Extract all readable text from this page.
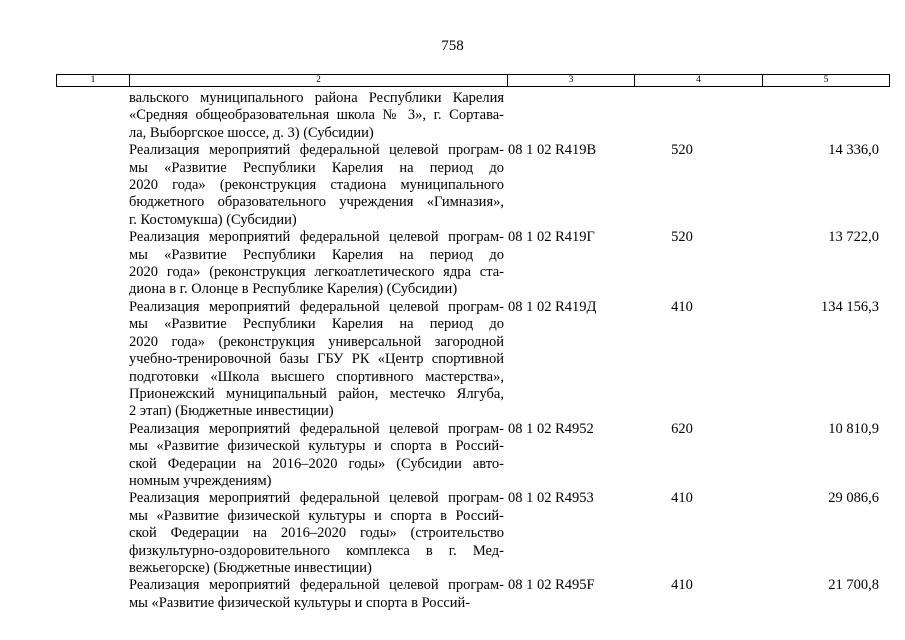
758
1	2	3	4	5
вальского муниципального района Республики Карелия
«Средняя общеобразовательная школа № 3», г. Сортава-
ла, Выборгское шоссе, д. 3) (Субсидии)
Реализация мероприятий федеральной целевой програм-
мы «Развитие Республики Карелия на период до
2020 года» (реконструкция стадиона муниципального
бюджетного образовательного учреждения «Гимназия»,
г. Костомукша) (Субсидии)
08 1 02 R419В	520	14 336,0
Реализация мероприятий федеральной целевой програм-
мы «Развитие Республики Карелия на период до
2020 года» (реконструкция легкоатлетического ядра ста-
диона в г. Олонце в Республике Карелия) (Субсидии)
08 1 02 R419Г	520	13 722,0
Реализация мероприятий федеральной целевой програм-
мы «Развитие Республики Карелия на период до
2020 года» (реконструкция универсальной загородной
учебно-тренировочной базы ГБУ РК «Центр спортивной
подготовки «Школа высшего спортивного мастерства»,
Прионежский муниципальный район, местечко Ялгуба,
2 этап) (Бюджетные инвестиции)
08 1 02 R419Д	410	134 156,3
Реализация мероприятий федеральной целевой програм-
мы «Развитие физической культуры и спорта в Россий-
ской Федерации на 2016–2020 годы» (Субсидии авто-
номным учреждениям)
08 1 02 R4952	620	10 810,9
Реализация мероприятий федеральной целевой програм-
мы «Развитие физической культуры и спорта в Россий-
ской Федерации на 2016–2020 годы» (строительство
физкультурно-оздоровительного комплекса в г. Мед-
вежьегорске) (Бюджетные инвестиции)
08 1 02 R4953	410	29 086,6
Реализация мероприятий федеральной целевой програм-
мы «Развитие физической культуры и спорта в Россий-
08 1 02 R495F	410	21 700,8
